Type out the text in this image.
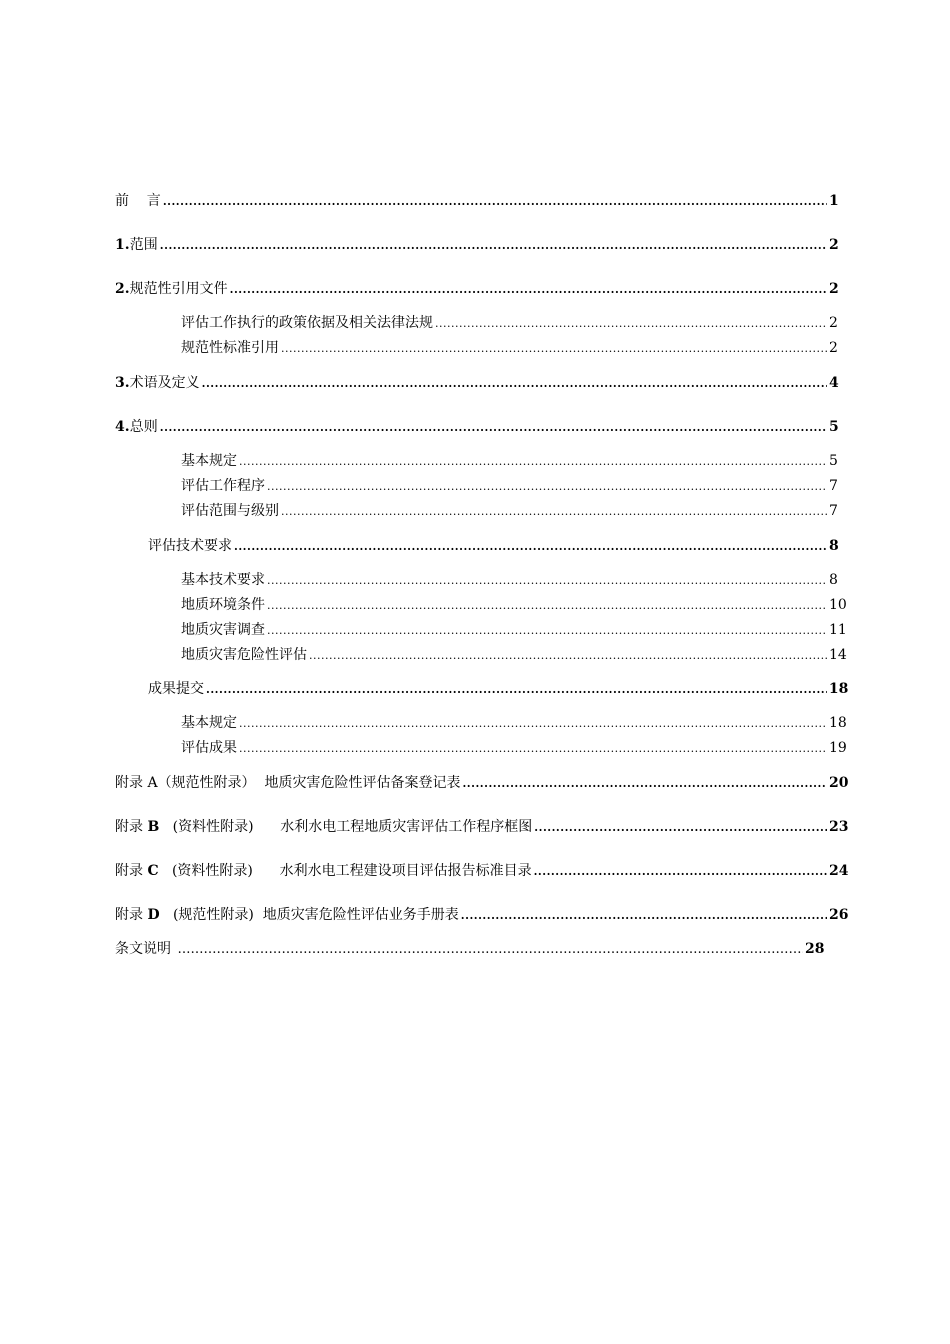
前    言 .....	1
1. 范围 .....	2
2. 规范性引用文件 .....	2
评估工作执行的政策依据及相关法律法规 .....	2
规范性标准引用 .....	2
3. 术语及定义 .....	4
4. 总则 .....	5
基本规定 .....	5
评估工作程序 .....	7
评估范围与级别 .....	7
评估技术要求 .....	8
基本技术要求 .....	8
地质环境条件 .....	10
地质灾害调查 .....	11
地质灾害危险性评估 .....	14
成果提交 .....	18
基本规定 .....	18
评估成果 .....	19
附录 A （规范性附录）  地质灾害危险性评估备案登记表 .....	20
附录 B (资料性附录)      水利水电工程地质灾害评估工作程序框图 .....	23
附录 C (资料性附录)      水利水电工程建设项目评估报告标准目录 .....	24
附录 D (规范性附录)  地质灾害危险性评估业务手册表 .....	26
条文说明 …………………………………………………………………………………………………………………………………………………………………………………	28
